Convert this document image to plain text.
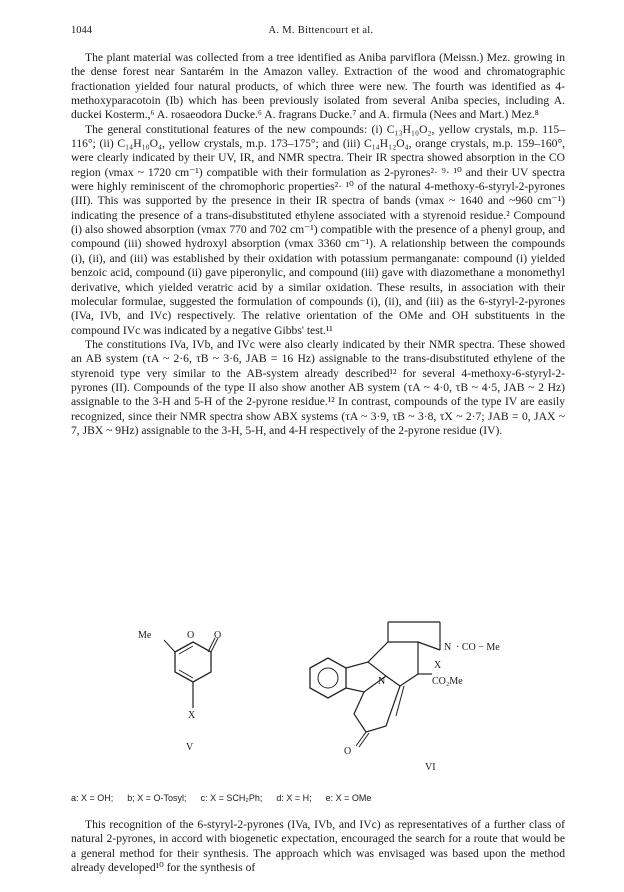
1044	A. M. Bittencourt et al.

The plant material was collected from a tree identified as Aniba parviflora (Meissn.) Mez. growing in the dense forest near Santarém in the Amazon valley. Extraction of the wood and chromatographic fractionation yielded four natural products, of which three were new. The fourth was identified as 4-methoxyparacotoin (Ib) which has been previously isolated from several Aniba species, including A. duckei Kosterm.,⁶ A. rosaeodora Ducke.⁶ A. fragrans Ducke.⁷ and A. firmula (Nees and Mart.) Mez.⁸

The general constitutional features of the new compounds: (i) C₁₃H₁₀O₂, yellow crystals, m.p. 115–116°; (ii) C₁₄H₁₀O₄, yellow crystals, m.p. 173–175°; and (iii) C₁₄H₁₂O₄, orange crystals, m.p. 159–160°, were clearly indicated by their UV, IR, and NMR spectra. Their IR spectra showed absorption in the CO region (νmax ~ 1720 cm⁻¹) compatible with their formulation as 2-pyrones²· ⁹· ¹⁰ and their UV spectra were highly reminiscent of the chromophoric properties²· ¹⁰ of the natural 4-methoxy-6-styryl-2-pyrones (III). This was supported by the presence in their IR spectra of bands (νmax ~ 1640 and ~960 cm⁻¹) indicating the presence of a trans-disubstituted ethylene associated with a styrenoid residue.² Compound (i) also showed absorption (νmax 770 and 702 cm⁻¹) compatible with the presence of a phenyl group, and compound (iii) showed hydroxyl absorption (νmax 3360 cm⁻¹). A relationship between the compounds (i), (ii), and (iii) was established by their oxidation with potassium permanganate: compound (i) yielded benzoic acid, compound (ii) gave piperonylic, and compound (iii) gave with diazomethane a monomethyl derivative, which yielded veratric acid by a similar oxidation. These results, in association with their molecular formulae, suggested the formulation of compounds (i), (ii), and (iii) as the 6-styryl-2-pyrones (IVa, IVb, and IVc) respectively. The relative orientation of the OMe and OH substituents in the compound IVc was indicated by a negative Gibbs' test.¹¹

The constitutions IVa, IVb, and IVc were also clearly indicated by their NMR spectra. These showed an AB system (τA ~ 2·6, τB ~ 3·6, JAB = 16 Hz) assignable to the trans-disubstituted ethylene of the styrenoid type very similar to the AB-system already described¹² for several 4-methoxy-6-styryl-2-pyrones (II). Compounds of the type II also show another AB system (τA ~ 4·0, τB ~ 4·5, JAB ~ 2 Hz) assignable to the 3-H and 5-H of the 2-pyrone residue.¹² In contrast, compounds of the type IV are easily recognized, since their NMR spectra show ABX systems (τA ~ 3·9, τB ~ 3·8, τX ~ 2·7; JAB = 0, JAX ~ 7, JBX ~ 9Hz) assignable to the 3-H, 5-H, and 4-H respectively of the 2-pyrone residue (IV).

Me	O O
X
V
N · CO − Me
X
N	CO₂Me
O
VI
a: X = OH; b; X = O-Tosyl; c: X = SCH₂Ph; d: X = H; e: X = OMe

This recognition of the 6-styryl-2-pyrones (IVa, IVb, and IVc) as representatives of a further class of natural 2-pyrones, in accord with biogenetic expectation, encouraged the search for a route that would be a general method for their synthesis. The approach which was envisaged was based upon the method already developed¹⁰ for the synthesis of
